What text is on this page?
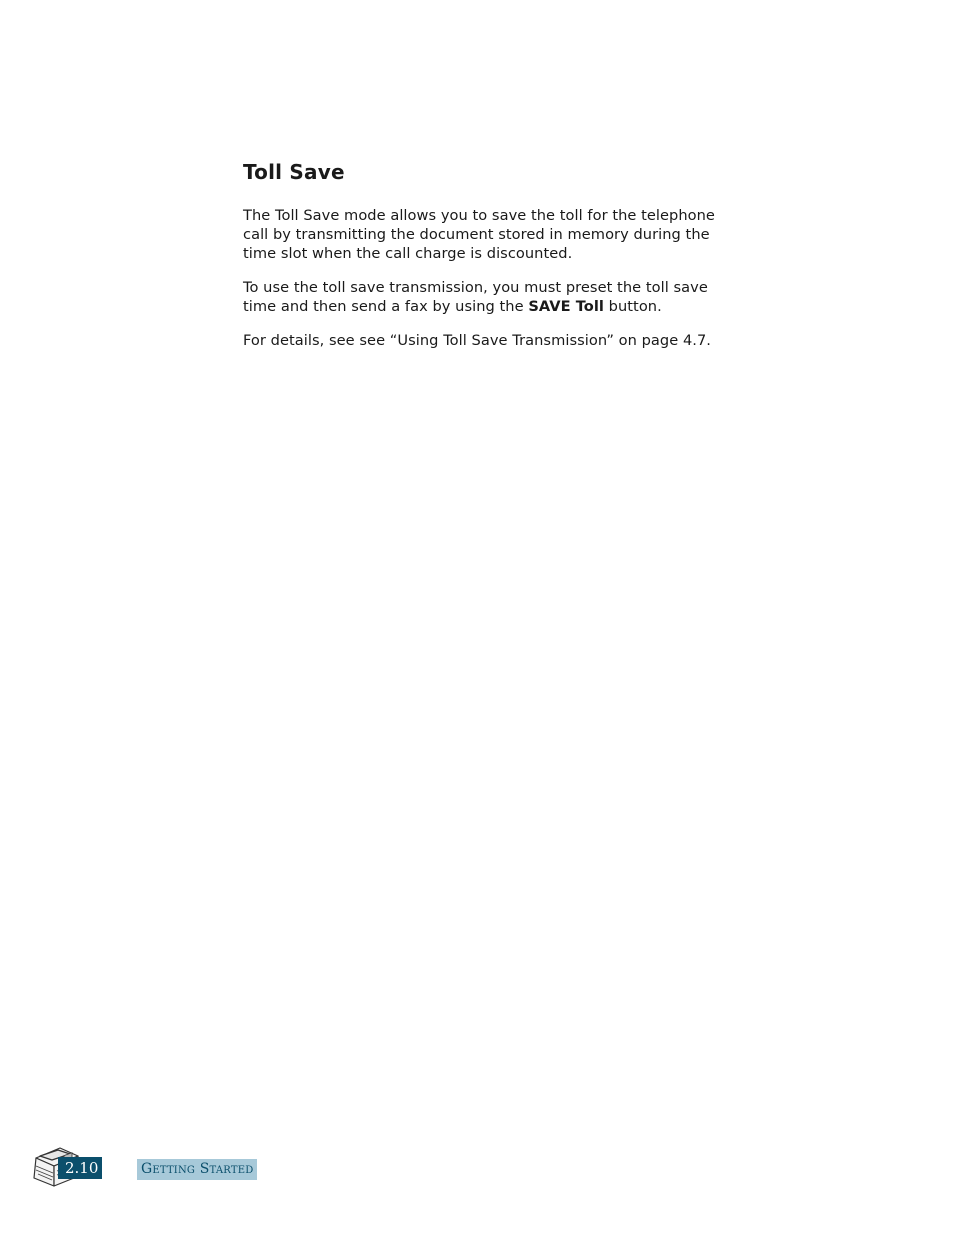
Toll Save

The Toll Save mode allows you to save the toll for the telephone call by transmitting the document stored in memory during the time slot when the call charge is discounted.

To use the toll save transmission, you must preset the toll save time and then send a fax by using the SAVE Toll button.

For details, see see “Using Toll Save Transmission” on page 4.7.

2.10	Getting Started
